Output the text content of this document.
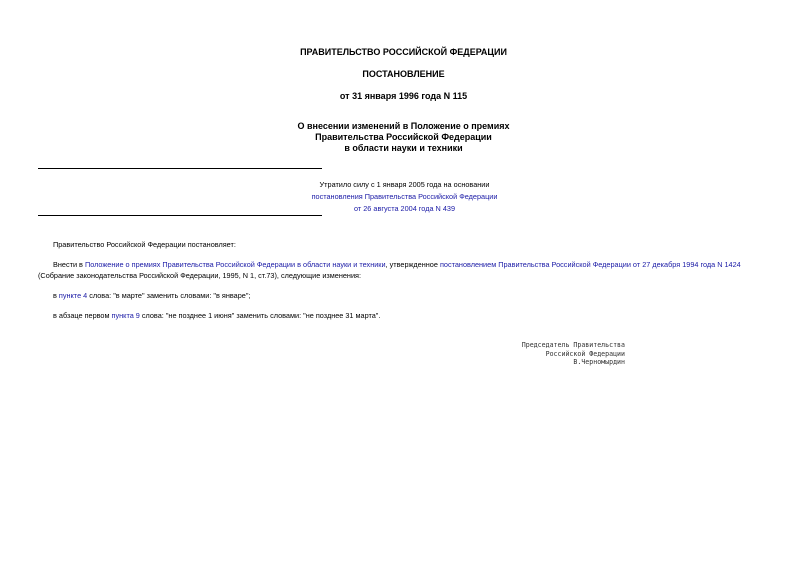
ПРАВИТЕЛЬСТВО РОССИЙСКОЙ ФЕДЕРАЦИИ
ПОСТАНОВЛЕНИЕ
от 31 января 1996 года N 115
О внесении изменений в Положение о премиях
Правительства Российской Федерации
в области науки и техники
Утратило силу с 1 января 2005 года на основании
постановления Правительства Российской Федерации
от 26 августа 2004 года N 439
Правительство Российской Федерации постановляет:
Внести в Положение о премиях Правительства Российской Федерации в области науки и техники, утвержденное постановлением Правительства Российской Федерации от 27 декабря 1994 года N 1424 (Собрание законодательства Российской Федерации, 1995, N 1, ст.73), следующие изменения:
в пункте 4 слова: "в марте" заменить словами: "в январе";
в абзаце первом пункта 9 слова: "не позднее 1 июня" заменить словами: "не позднее 31 марта".
Председатель Правительства
Российской Федерации
В.Черномырдин
